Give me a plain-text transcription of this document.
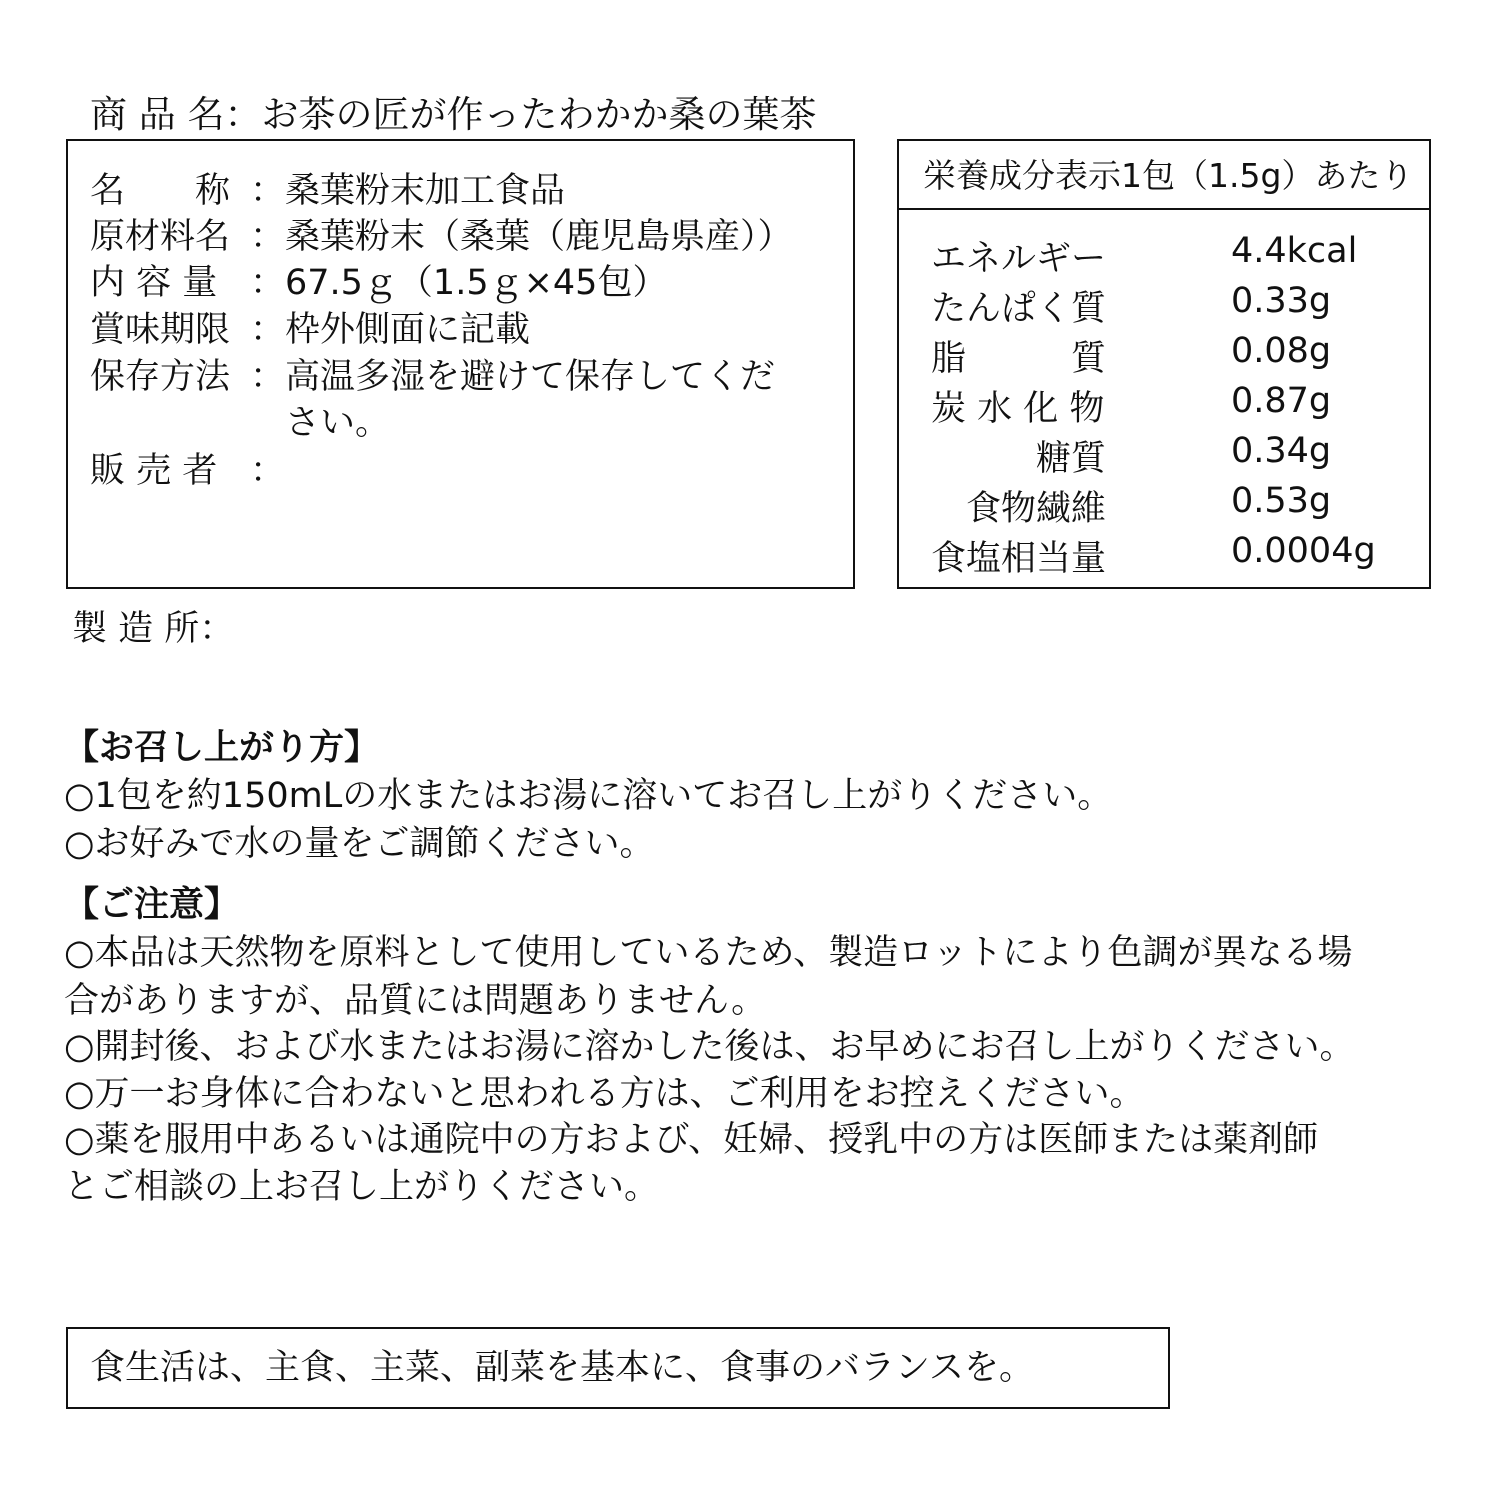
商 品 名：お茶の匠が作ったわかか桑の葉茶
名　　称 ：桑葉粉末加工食品
原材料名 ：桑葉粉末（桑葉（鹿児島県産））
内 容 量 ：67.5ｇ（1.5ｇ×45包）
賞味期限 ：枠外側面に記載
保存方法 ：高温多湿を避けて保存してくだ
さい。
販 売 者 ：
栄養成分表示1包（1.5g）あたり
エネルギー	4.4kcal
たんぱく質	0.33g
脂　　　質	0.08g
炭 水 化 物	0.87g
　　　糖質	0.34g
　食物繊維	0.53g
食塩相当量	0.0004g
製 造 所：
【お召し上がり方】
○1包を約150mLの水またはお湯に溶いてお召し上がりください。
○お好みで水の量をご調節ください。
【ご注意】
○本品は天然物を原料として使用しているため、製造ロットにより色調が異なる場
合がありますが、品質には問題ありません。
○開封後、および水またはお湯に溶かした後は、お早めにお召し上がりください。
○万一お身体に合わないと思われる方は、ご利用をお控えください。
○薬を服用中あるいは通院中の方および、妊婦、授乳中の方は医師または薬剤師
とご相談の上お召し上がりください。
食生活は、主食、主菜、副菜を基本に、食事のバランスを。
